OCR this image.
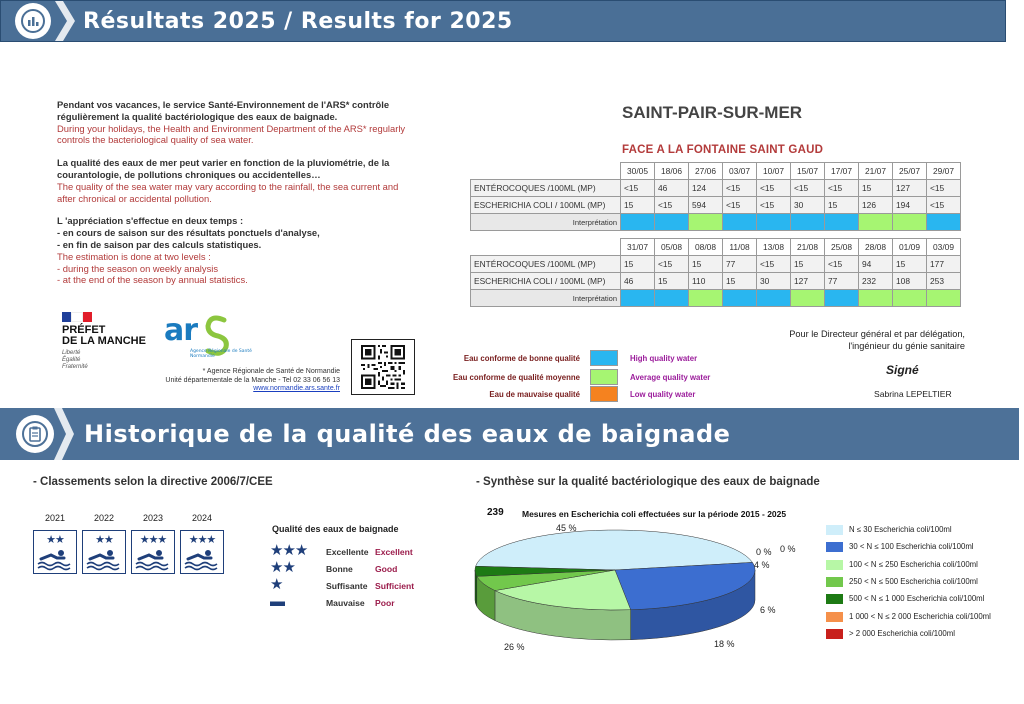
Résultats 2025 / Results for 2025

Pendant vos vacances, le service Santé-Environnement de l'ARS* contrôle régulièrement la qualité bactériologique des eaux de baignade.

During your holidays, the Health and Environment Department of the ARS* regularly controls the bacteriological quality of sea water.

La qualité des eaux de mer peut varier en fonction de la pluviométrie, de la courantologie, de pollutions chroniques ou accidentelles…

The quality of the sea water may vary according to the rainfall, the sea current and after chronical or accidental pollution.

L 'appréciation s'effectue en deux temps :

- en cours de saison sur des résultats ponctuels d'analyse,

- en fin de saison par des calculs statistiques.

The estimation is done at two levels :

- during the season on weekly analysis

- at the end of the season by annual statistics.

PRÉFET
DE LA MANCHE
Liberté
Égalité
Fraternité
ar
Agence Régionale de Santé
Normandie
* Agence Régionale de Santé de Normandie
Unité départementale de la Manche - Tel 02 33 06 56 13
www.normandie.ars.sante.fr
SAINT-PAIR-SUR-MER
FACE A LA FONTAINE SAINT GAUD
	30/05	18/06	27/06	03/07	10/07	15/07	17/07	21/07	25/07	29/07
ENTÉROCOQUES /100ML (MP)	<15	46	124	<15	<15	<15	<15	15	127	<15
ESCHERICHIA COLI / 100ML (MP)	15	<15	594	<15	<15	30	15	126	194	<15
Interprétation										
	31/07	05/08	08/08	11/08	13/08	21/08	25/08	28/08	01/09	03/09
ENTÉROCOQUES /100ML (MP)	15	<15	15	77	<15	15	<15	94	15	177
ESCHERICHIA COLI / 100ML (MP)	46	15	110	15	30	127	77	232	108	253
Interprétation										
Pour le Directeur général et par délégation,
l'ingénieur du génie sanitaire
Signé
Sabrina LEPELTIER
Eau conforme de bonne qualité	High quality water
Eau conforme de qualité moyenne	Average quality water
Eau de mauvaise qualité	Low quality water
Historique de la qualité des eaux de baignade
- Classements selon la directive 2006/7/CEE
2021
★★
2022
★★
2023
★★★
2024
★★★
Qualité des eaux de baignade
★★★	Excellente Excellent
★★	Bonne	Good
★	Suffisante Sufficient
▬	Mauvaise Poor
- Synthèse sur la qualité bactériologique des eaux de baignade
239 Mesures en Escherichia coli effectuées sur la période 2015 - 2025
45 %
26 %	18 %
6 %
4 %
0 % 0 %
N ≤ 30 Escherichia coli/100ml
30 < N ≤ 100 Escherichia coli/100ml
100 < N ≤ 250 Escherichia coli/100ml
250 < N ≤ 500 Escherichia coli/100ml
500 < N ≤ 1 000 Escherichia coli/100ml
1 000 < N ≤ 2 000 Escherichia coli/100ml
> 2 000 Escherichia coli/100ml
